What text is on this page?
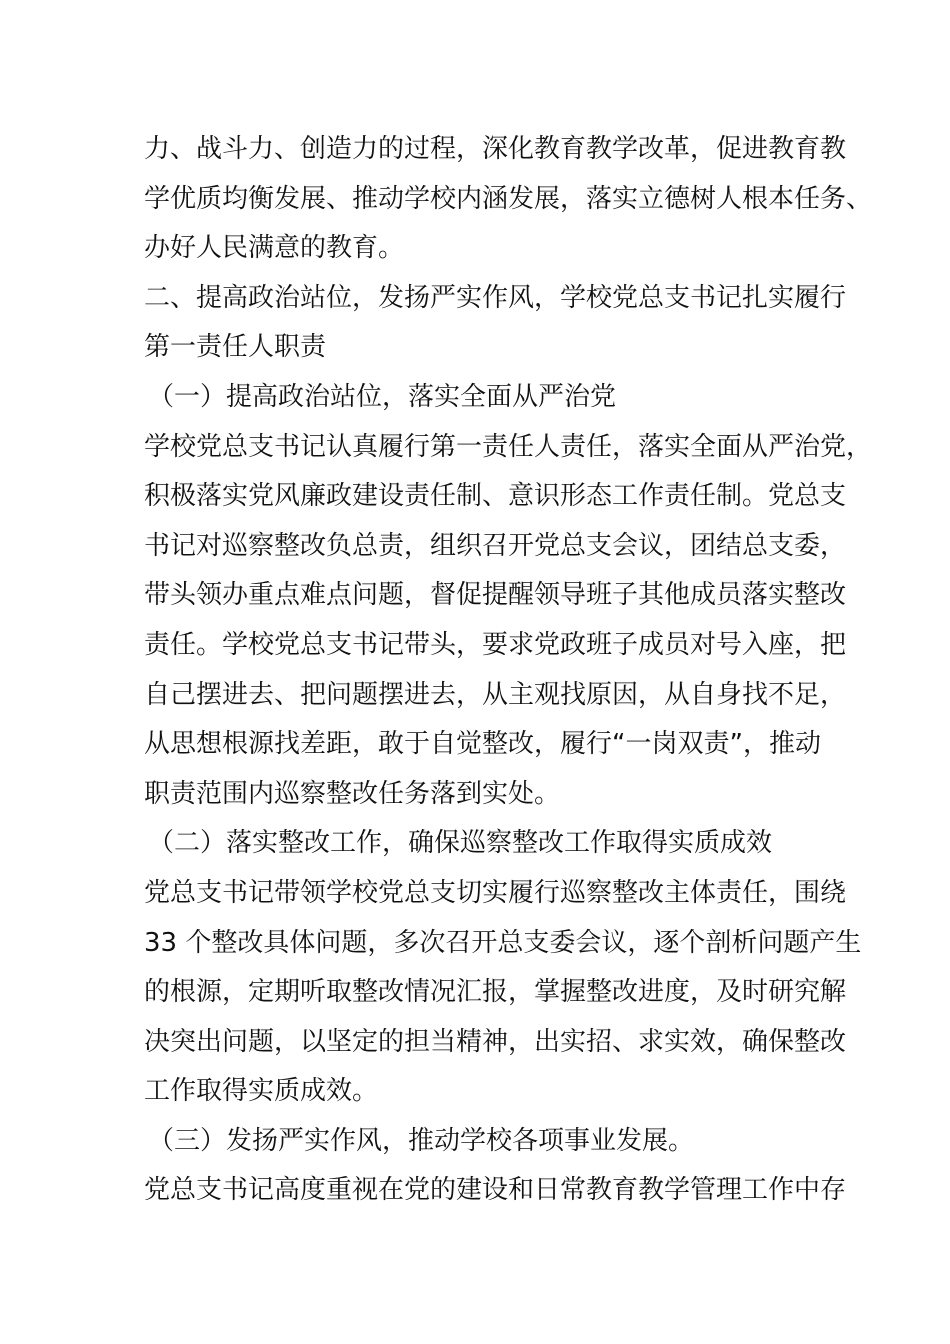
力、战斗力、创造力的过程，深化教育教学改革，促进教育教
学优质均衡发展、推动学校内涵发展，落实立德树人根本任务、
办好人民满意的教育。
二、提高政治站位，发扬严实作风，学校党总支书记扎实履行
第一责任人职责
（一）提高政治站位，落实全面从严治党
学校党总支书记认真履行第一责任人责任，落实全面从严治党，
积极落实党风廉政建设责任制、意识形态工作责任制。党总支
书记对巡察整改负总责，组织召开党总支会议，团结总支委，
带头领办重点难点问题，督促提醒领导班子其他成员落实整改
责任。学校党总支书记带头，要求党政班子成员对号入座，把
自己摆进去、把问题摆进去，从主观找原因，从自身找不足，
从思想根源找差距，敢于自觉整改，履行“一岗双责”，推动
职责范围内巡察整改任务落到实处。
（二）落实整改工作，确保巡察整改工作取得实质成效
党总支书记带领学校党总支切实履行巡察整改主体责任，围绕
33 个整改具体问题，多次召开总支委会议，逐个剖析问题产生
的根源，定期听取整改情况汇报，掌握整改进度，及时研究解
决突出问题，以坚定的担当精神，出实招、求实效，确保整改
工作取得实质成效。
（三）发扬严实作风，推动学校各项事业发展。
党总支书记高度重视在党的建设和日常教育教学管理工作中存
